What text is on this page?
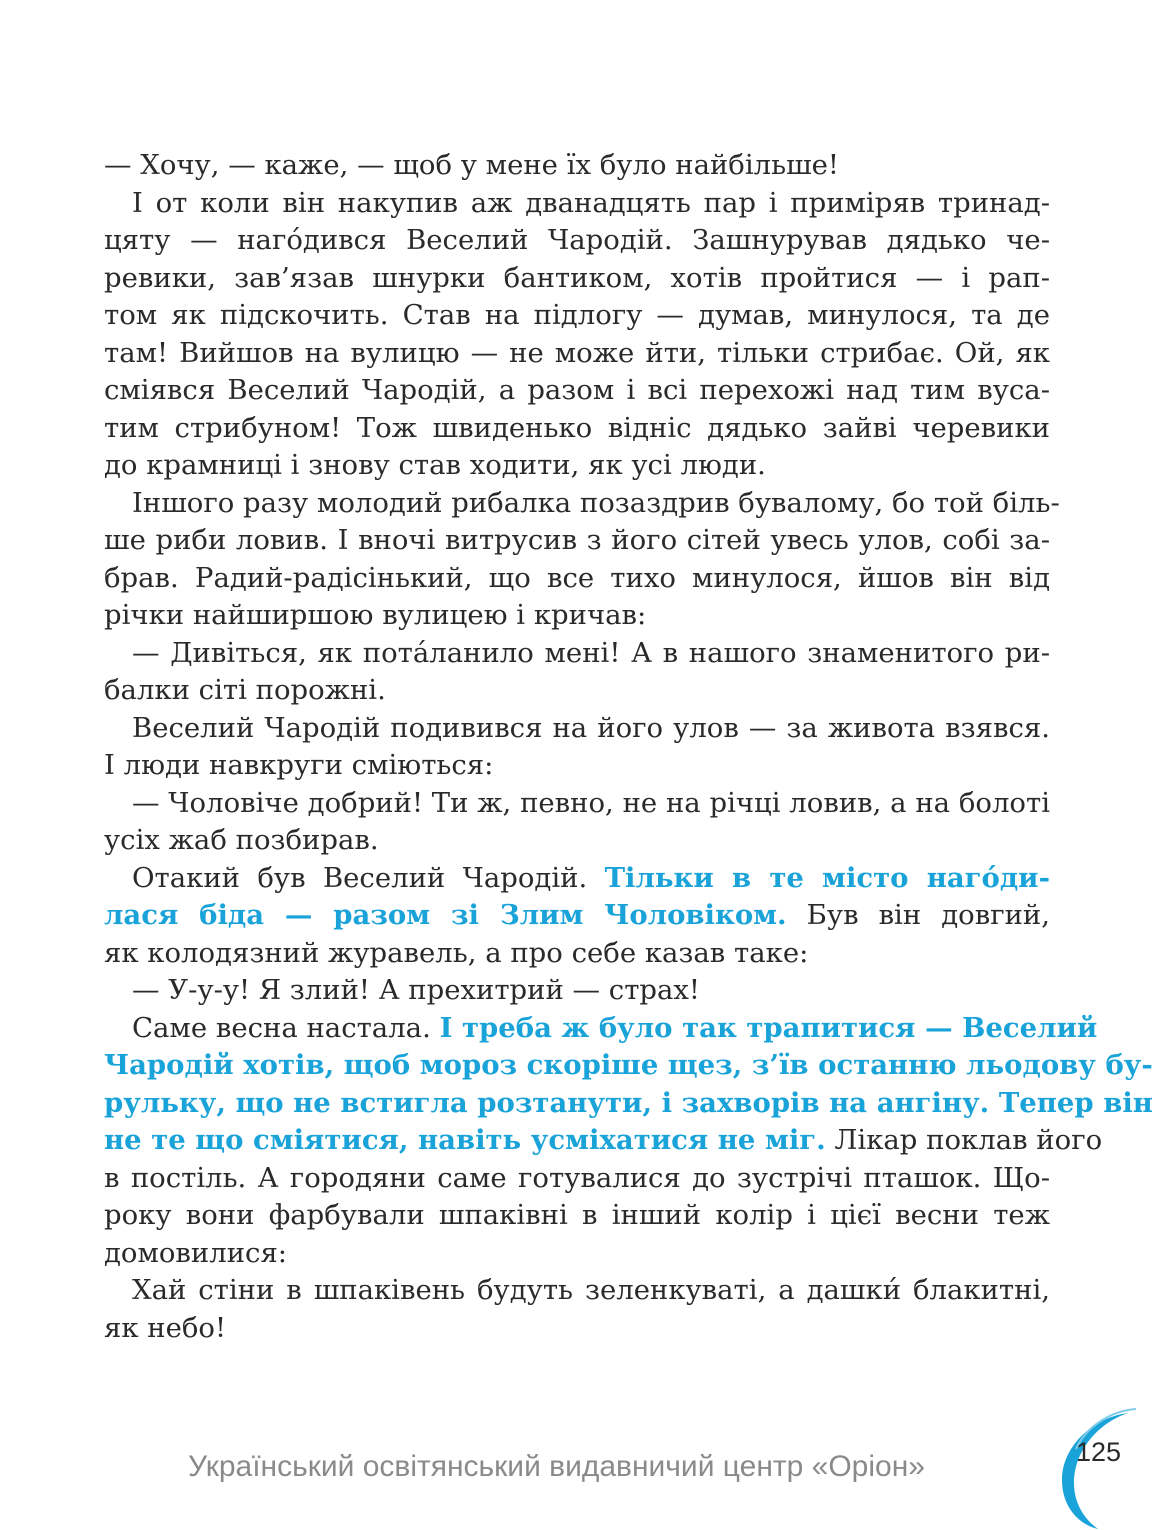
— Хочу, — каже, — щоб у мене їх було найбільше!
І от коли він накупив аж дванадцять пар і приміряв тринад-
цяту — наго́дився Веселий Чародій. Зашнурував дядько че-
ревики, зав’язав шнурки бантиком, хотів пройтися — і рап-
том як підскочить. Став на підлогу — думав, минулося, та де
там! Вийшов на вулицю — не може йти, тільки стрибає. Ой, як
сміявся Веселий Чародій, а разом і всі перехожі над тим вуса-
тим стрибуном! Тож швиденько відніс дядько зайві черевики
до крамниці і знову став ходити, як усі люди.
Іншого разу молодий рибалка позаздрив бувалому, бо той біль-
ше риби ловив. І вночі витрусив з його сітей увесь улов, собі за-
брав. Радий-радісінький, що все тихо минулося, йшов він від
річки найширшою вулицею і кричав:
— Дивіться, як пота́ланило мені! А в нашого знаменитого ри-
балки сіті порожні.
Веселий Чародій подивився на його улов — за живота взявся.
І люди навкруги сміються:
— Чоловіче добрий! Ти ж, певно, не на річці ловив, а на болоті
усіх жаб позбирав.
Отакий був Веселий Чародій. Тільки в те місто наго́ди-
лася біда — разом зі Злим Чоловіком. Був він довгий,
як колодязний журавель, а про себе казав таке:
— У-у-у! Я злий! А прехитрий — страх!
Саме весна настала. І треба ж було так трапитися — Веселий
Чародій хотів, щоб мороз скоріше щез, з’їв останню льодову бу-
рульку, що не встигла розтанути, і захворів на ангіну. Тепер він
не те що сміятися, навіть усміхатися не міг. Лікар поклав його
в постіль. А городяни саме готувалися до зустрічі пташок. Що-
року вони фарбували шпаківні в інший колір і цієї весни теж
домовилися:
Хай стіни в шпаківень будуть зеленкуваті, а дашки́ блакитні,
як небо!
Український освітянський видавничий центр «Оріон»	125
